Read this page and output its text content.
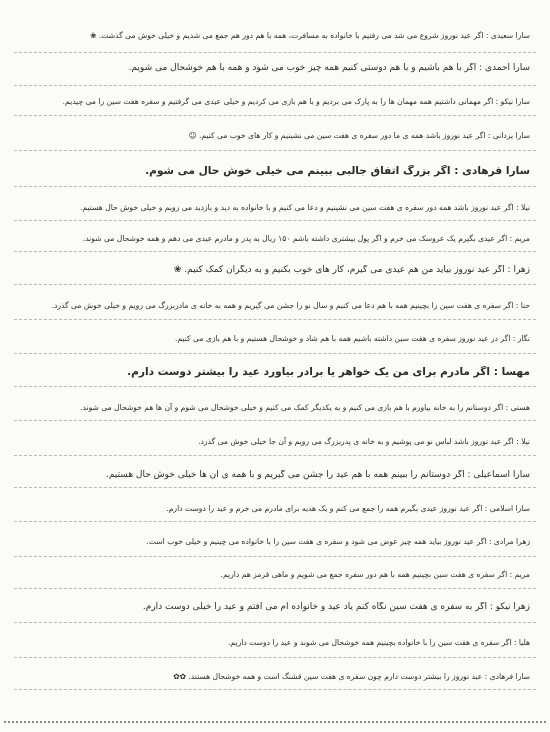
سارا سعیدی : اگر عید نوروز شروع می شد می رفتیم با خانواده به مسافرت، همه با هم دور هم جمع می شدیم و خیلی خوش می گذشت. ❀
سارا احمدی : اگر با هم باشیم و با هم دوستی کنیم همه چیز خوب می شود و همه با هم خوشحال می شویم.
سارا نیکو : اگر مهمانی داشتیم همه مهمان ها را به پارک می بردیم و با هم بازی می کردیم و خیلی عیدی می گرفتیم و سفره هفت سین را می چیدیم.
سارا یزدانی : اگر عید نوروز باشد همه ی ما دور سفره ی هفت سین می نشینیم و کار های خوب می کنیم. ☺
سارا فرهادی : اگر بزرگ اتفاق جالبی ببینم می خیلی خوش حال می شوم.
نیلا : اگر عید نوروز باشد همه دور سفره ی هفت سین می نشینیم و دعا می کنیم و با خانواده به دید و بازدید می رویم و خیلی خوش حال هستیم.
مریم : اگر عیدی بگیرم یک عروسک می خرم و اگر پول بیشتری داشته باشم ۱۵۰ ریال به پدر و مادرم عیدی می دهم و همه خوشحال می شوند.
زهرا : اگر عید نوروز بیاید من هم عیدی می گیرم، کار های خوب بکنیم و به دیگران کمک کنیم. ❀
حنا : اگر سفره ی هفت سین را بچینیم همه با هم دعا می کنیم و سال نو را جشن می گیریم و همه به خانه ی مادربزرگ می رویم و خیلی خوش می گذرد.
نگار : اگر در عید نوروز سفره ی هفت سین داشته باشیم همه با هم شاد و خوشحال هستیم و با هم بازی می کنیم.
مهسا : اگر مادرم برای من یک خواهر یا برادر بیاورد عید را بیشتر دوست دارم.
هستی : اگر دوستانم را به خانه بیاورم با هم بازی می کنیم و به یکدیگر کمک می کنیم و خیلی خوشحال می شوم و آن ها هم خوشحال می شوند.
نیلا : اگر عید نوروز باشد لباس نو می پوشیم و به خانه ی پدربزرگ می رویم و آن جا خیلی خوش می گذرد.
سارا اسماعیلی : اگر دوستانم را ببینم همه با هم عید را جشن می گیریم و با همه ی آن ها خیلی خوش حال هستیم.
سارا اسلامی : اگر عید نوروز عیدی بگیرم همه را جمع می کنم و یک هدیه برای مادرم می خرم و عید را دوست دارم.
زهرا مرادی : اگر عید نوروز بیاید همه چیز عوض می شود و سفره ی هفت سین را با خانواده می چینیم و خیلی خوب است.
مریم : اگر سفره ی هفت سین بچینیم همه با هم دور سفره جمع می شویم و ماهی قرمز هم داریم.
زهرا نیکو : اگر به سفره ی هفت سین نگاه کنم یاد عید و خانواده ام می افتم و عید را خیلی دوست دارم.
هلیا : اگر سفره ی هفت سین را با خانواده بچینیم همه خوشحال می شوند و عید را دوست داریم.
سارا فرهادی : عید نوروز را بیشتر دوست دارم چون سفره ی هفت سین قشنگ است و همه خوشحال هستند. ✿✿
